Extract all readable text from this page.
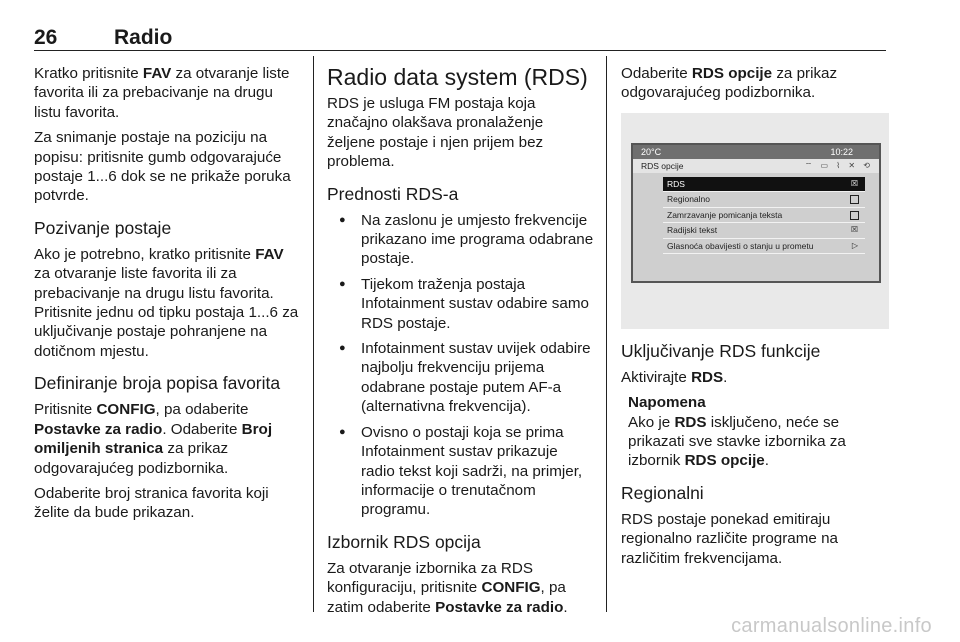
26	Radio

Kratko pritisnite FAV za otvaranje liste favorita ili za prebacivanje na drugu listu favorita.

Za snimanje postaje na poziciju na popisu: pritisnite gumb odgovarajuće postaje 1...6 dok se ne prikaže poruka potvrde.

Pozivanje postaje

Ako je potrebno, kratko pritisnite FAV za otvaranje liste favorita ili za prebacivanje na drugu listu favorita. Pritisnite jednu od tipku postaja 1...6 za uključivanje postaje pohranjene na dotičnom mjestu.

Definiranje broja popisa favorita

Pritisnite CONFIG, pa odaberite Postavke za radio. Odaberite Broj omiljenih stranica za prikaz odgovarajućeg podizbornika.

Odaberite broj stranica favorita koji želite da bude prikazan.

Radio data system (RDS)

RDS je usluga FM postaja koja značajno olakšava pronalaženje željene postaje i njen prijem bez problema.

Prednosti RDS-a
● Na zaslonu je umjesto frekvencije prikazano ime programa odabrane postaje.
● Tijekom traženja postaja Infotainment sustav odabire samo RDS postaje.
● Infotainment sustav uvijek odabire najbolju frekvenciju prijema odabrane postaje putem AF-a (alternativna frekvencija).
● Ovisno o postaji koja se prima Infotainment sustav prikazuje radio tekst koji sadrži, na primjer, informacije o trenutačnom programu.
Izbornik RDS opcija

Za otvaranje izbornika za RDS konfiguraciju, pritisnite CONFIG, pa zatim odaberite Postavke za radio.

Odaberite RDS opcije za prikaz odgovarajućeg podizbornika.

20°C	10:22
RDS opcije	⌔ ▭ ⌇ ✕ ⟲
RDS	☒
Regionalno
Zamrzavanje pomicanja teksta
Radijski tekst	☒
Glasnoća obavijesti o stanju u prometu	▷
Uključivanje RDS funkcije

Aktivirajte RDS.

Napomena
Ako je RDS isključeno, neće se prikazati sve stavke izbornika za izbornik RDS opcije.
Regionalni

RDS postaje ponekad emitiraju regionalno različite programe na različitim frekvencijama.

carmanualsonline.info
